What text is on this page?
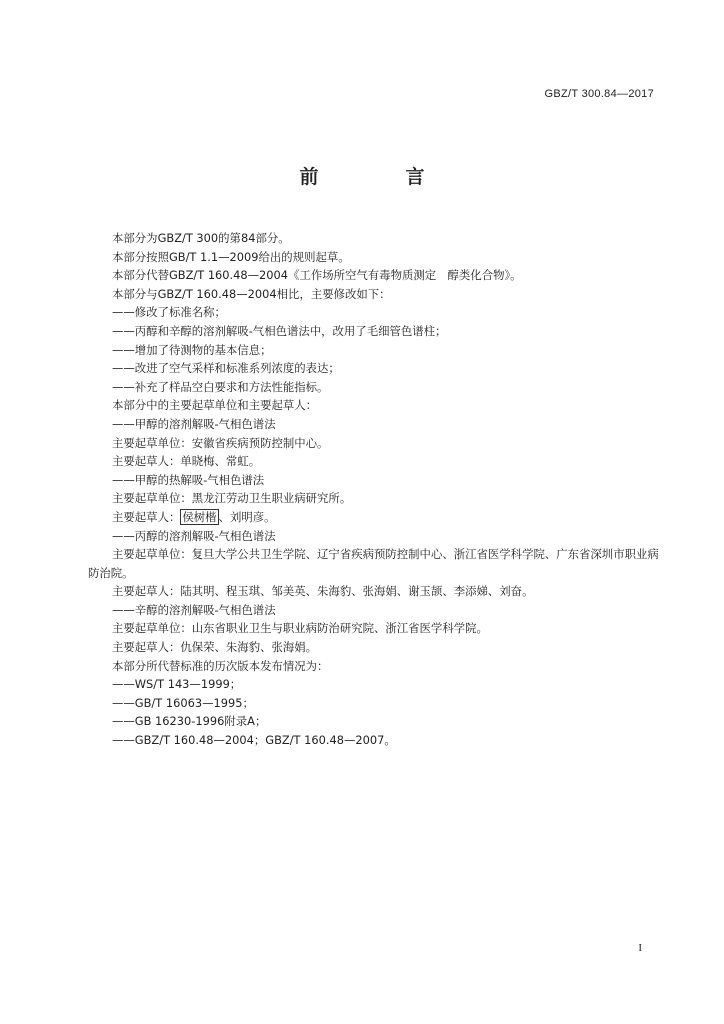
GBZ/T 300.84—2017
前　言
本部分为GBZ/T 300的第84部分。
本部分按照GB/T 1.1—2009给出的规则起草。
本部分代替GBZ/T 160.48—2004《工作场所空气有毒物质测定　醇类化合物》。
本部分与GBZ/T 160.48—2004相比，主要修改如下：
——修改了标准名称；
——丙醇和辛醇的溶剂解吸-气相色谱法中，改用了毛细管色谱柱；
——增加了待测物的基本信息；
——改进了空气采样和标准系列浓度的表达；
——补充了样品空白要求和方法性能指标。
本部分中的主要起草单位和主要起草人：
——甲醇的溶剂解吸-气相色谱法
主要起草单位：安徽省疾病预防控制中心。
主要起草人：单晓梅、常虹。
——甲醇的热解吸-气相色谱法
主要起草单位：黑龙江劳动卫生职业病研究所。
主要起草人： 侯树楷 、刘明彦。
——丙醇的溶剂解吸-气相色谱法
主要起草单位：复旦大学公共卫生学院、辽宁省疾病预防控制中心、浙江省医学科学院、广东省深圳市职业病防治院。
主要起草人：陆其明、程玉琪、邹美英、朱海豹、张海娟、谢玉颉、李添娣、刘奋。
——辛醇的溶剂解吸-气相色谱法
主要起草单位：山东省职业卫生与职业病防治研究院、浙江省医学科学院。
主要起草人：仇保荣、朱海豹、张海娟。
本部分所代替标准的历次版本发布情况为：
——WS/T 143—1999；
——GB/T 16063—1995；
——GB 16230-1996附录A；
——GBZ/T 160.48—2004；GBZ/T 160.48—2007。
I
